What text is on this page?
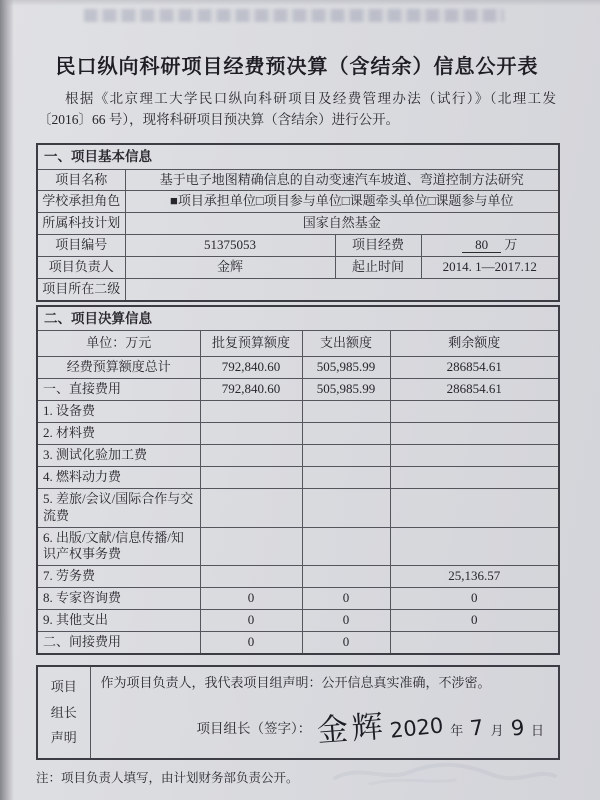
民口纵向科研项目经费预决算（含结余）信息公开表

根据《北京理工大学民口纵向科研项目及经费管理办法（试行）》（北理工发〔2016〕66 号），现将科研项目预决算（含结余）进行公开。

一、项目基本信息			
项目名称	基于电子地图精确信息的自动变速汽车坡道、弯道控制方法研究		
学校承担角色	■项目承担单位□项目参与单位□课题牵头单位□课题参与单位		
所属科技计划	国家自然基金		
项目编号	51375053	项目经费	80 万
项目负责人	金辉	起止时间	2014. 1—2017.12
项目所在二级			
二、项目决算信息			
单位：万元	批复预算额度	支出额度	剩余额度
经费预算额度总计	792,840.60	505,985.99	286854.61
一、直接费用	792,840.60	505,985.99	286854.61
1. 设备费			
2. 材料费			
3. 测试化验加工费			
4. 燃料动力费			
5. 差旅/会议/国际合作与交流费			
6. 出版/文献/信息传播/知识产权事务费			
7. 劳务费			25,136.57
8. 专家咨询费	0	0	0
9. 其他支出	0	0	0
二、间接费用	0	0	
项目
组长
声明

作为项目负责人，我代表项目组声明：公开信息真实准确，不涉密。
项目组长（签字）： 金辉 2020 年 7 月 9 日

注：项目负责人填写，由计划财务部负责公开。
